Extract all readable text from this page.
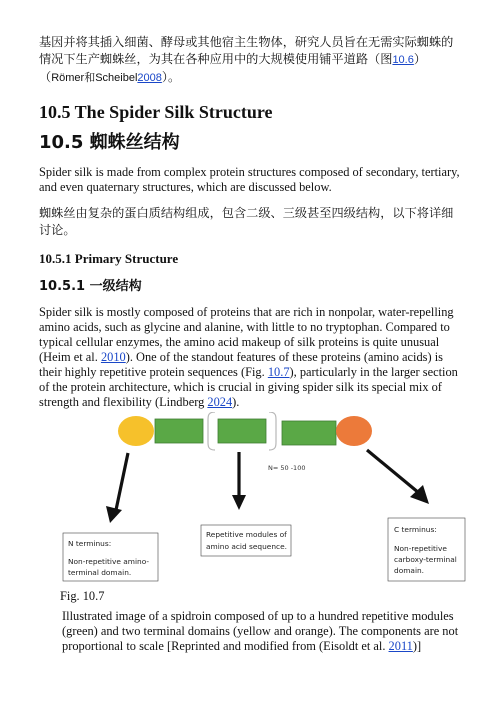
基因并将其插入细菌、酵母或其他宿主生物体，研究人员旨在无需实际蜘蛛的情况下生产蜘蛛丝，为其在各种应用中的大规模使用铺平道路（图10.6）（Römer和Scheibel2008）。

10.5 The Spider Silk Structure
10.5 蜘蛛丝结构

Spider silk is made from complex protein structures composed of secondary, tertiary, and even quaternary structures, which are discussed below.

蜘蛛丝由复杂的蛋白质结构组成，包含二级、三级甚至四级结构，以下将详细讨论。

10.5.1 Primary Structure
10.5.1 一级结构

Spider silk is mostly composed of proteins that are rich in nonpolar, water-repelling amino acids, such as glycine and alanine, with little to no tryptophan. Compared to typical cellular enzymes, the amino acid makeup of silk proteins is quite unusual (Heim et al. 2010). One of the standout features of these proteins (amino acids) is their highly repetitive protein sequences (Fig. 10.7), particularly in the larger section of the protein architecture, which is crucial in giving spider silk its special mix of strength and flexibility (Lindberg 2024).

N= 50 -100
N terminus:
Non-repetitive amino-
terminal domain.
Repetitive modules of
amino acid sequence.
C terminus:
Non-repetitive
carboxy-terminal
domain.
Fig. 10.7

Illustrated image of a spidroin composed of up to a hundred repetitive modules (green) and two terminal domains (yellow and orange). The components are not proportional to scale [Reprinted and modified from (Eisoldt et al. 2011)]
